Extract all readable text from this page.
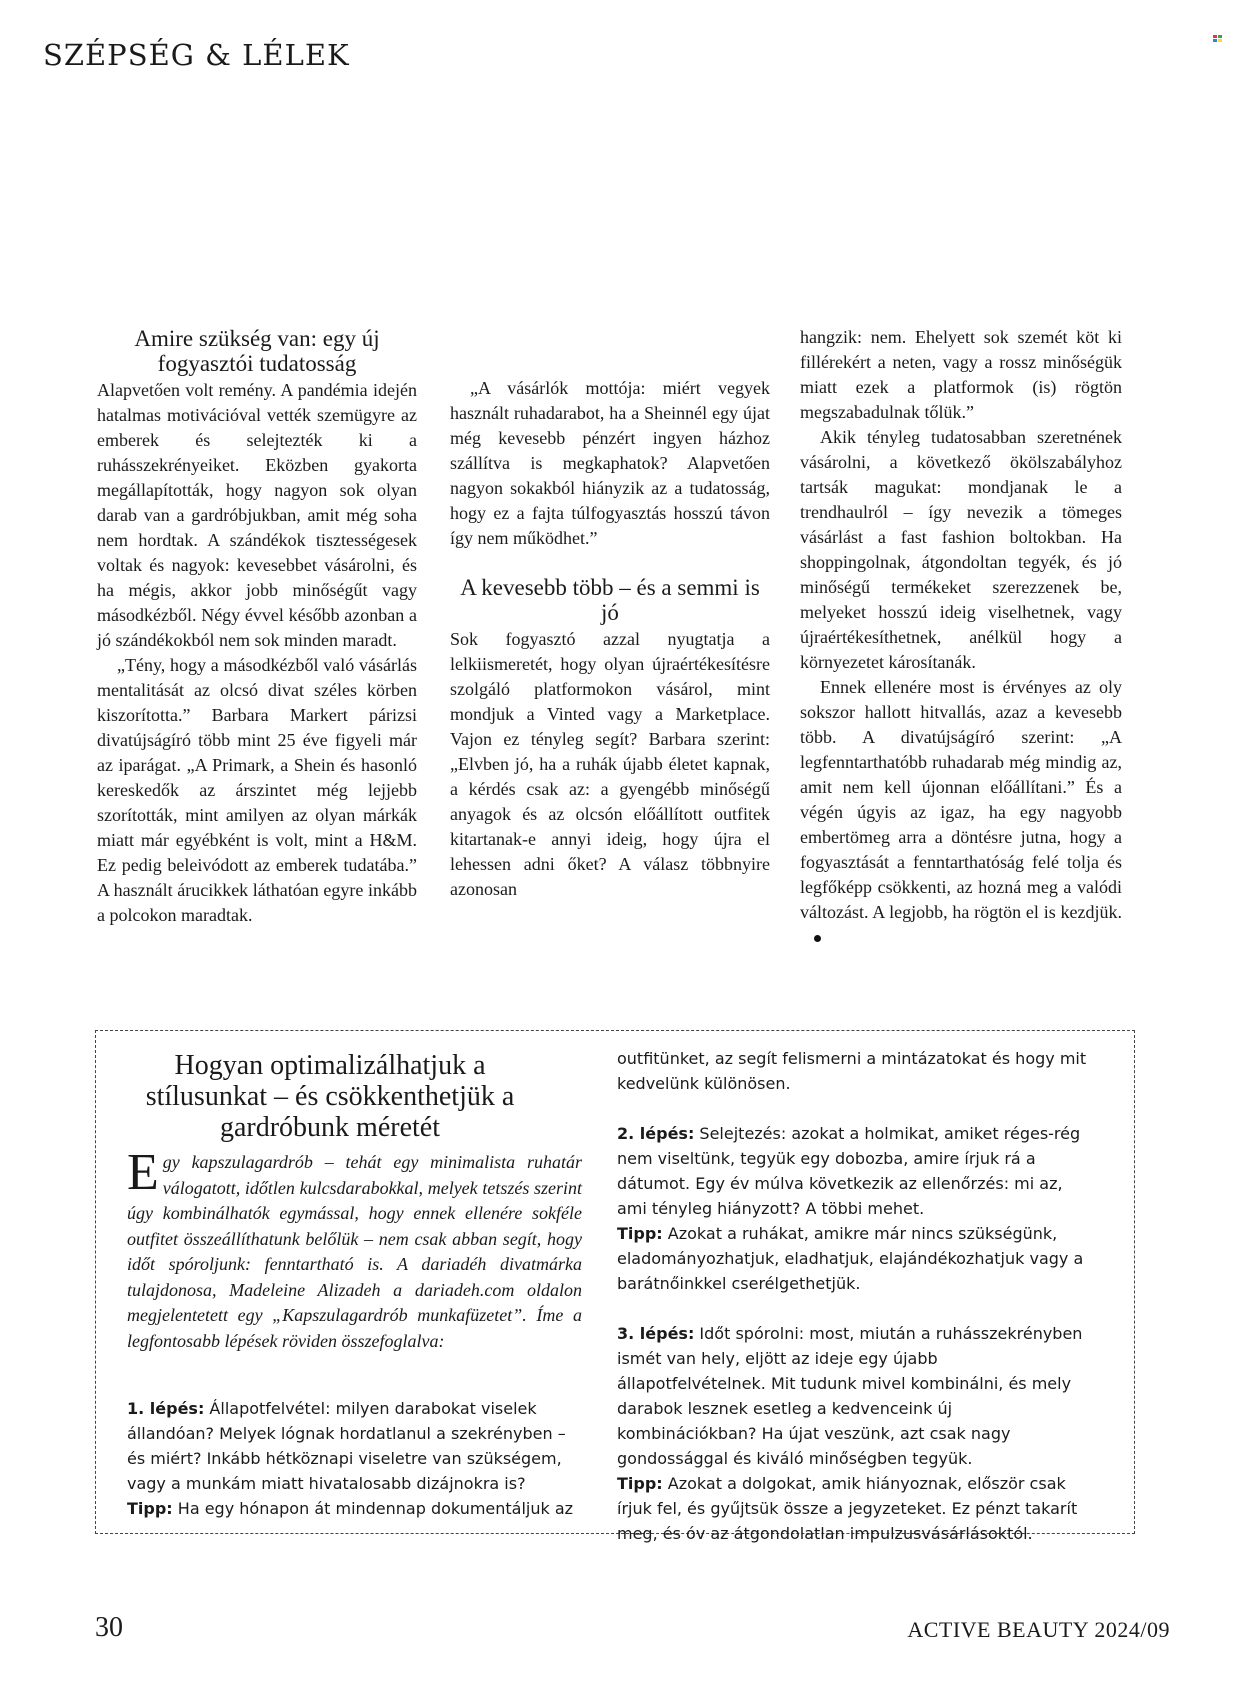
SZÉPSÉG & LÉLEK
Amire szükség van: egy új fogyasztói tudatosság

Alapvetően volt remény. A pandémia idején hatalmas motivációval vették szemügyre az emberek és selejtezték ki a ruhásszekrényeiket. Eközben gyakorta megállapították, hogy nagyon sok olyan darab van a gardróbjukban, amit még soha nem hordtak. A szándékok tisztességesek voltak és nagyok: kevesebbet vásárolni, és ha mégis, akkor jobb minőségűt vagy másodkézből. Négy évvel később azonban a jó szándékokból nem sok minden maradt.

„Tény, hogy a másodkézből való vásárlás mentalitását az olcsó divat széles körben kiszorította.” Barbara Markert párizsi divatújságíró több mint 25 éve figyeli már az iparágat. „A Primark, a Shein és hasonló kereskedők az árszintet még lejjebb szorították, mint amilyen az olyan márkák miatt már egyébként is volt, mint a H&M. Ez pedig beleivódott az emberek tudatába.” A használt árucikkek láthatóan egyre inkább a polcokon maradtak.

„A vásárlók mottója: miért vegyek használt ruhadarabot, ha a Sheinnél egy újat még kevesebb pénzért ingyen házhoz szállítva is megkaphatok? Alapvetően nagyon sokakból hiányzik az a tudatosság, hogy ez a fajta túlfogyasztás hosszú távon így nem működhet.”

A kevesebb több – és a semmi is jó

Sok fogyasztó azzal nyugtatja a lelkiismeretét, hogy olyan újraértékesítésre szolgáló platformokon vásárol, mint mondjuk a Vinted vagy a Marketplace. Vajon ez tényleg segít? Barbara szerint: „Elvben jó, ha a ruhák újabb életet kapnak, a kérdés csak az: a gyengébb minőségű anyagok és az olcsón előállított outfitek kitartanak-e annyi ideig, hogy újra el lehessen adni őket? A válasz többnyire azonosan

hangzik: nem. Ehelyett sok szemét köt ki fillérekért a neten, vagy a rossz minőségük miatt ezek a platformok (is) rögtön megszabadulnak tőlük.”

Akik tényleg tudatosabban szeretnének vásárolni, a következő ökölszabályhoz tartsák magukat: mondjanak le a trendhaulról – így nevezik a tömeges vásárlást a fast fashion boltokban. Ha shoppingolnak, átgondoltan tegyék, és jó minőségű termékeket szerezzenek be, melyeket hosszú ideig viselhetnek, vagy újraértékesíthetnek, anélkül hogy a környezetet károsítanák.

Ennek ellenére most is érvényes az oly sokszor hallott hitvallás, azaz a kevesebb több. A divatújságíró szerint: „A legfenntarthatóbb ruhadarab még mindig az, amit nem kell újonnan előállítani.” És a végén úgyis az igaz, ha egy nagyobb embertömeg arra a döntésre jutna, hogy a fogyasztását a fenntarthatóság felé tolja és legfőképp csökkenti, az hozná meg a valódi változást. A legjobb, ha rögtön el is kezdjük.

Hogyan optimalizálhatjuk a stílusunkat – és csökkenthetjük a gardróbunk méretét

Egy kapszulagardrób – tehát egy minimalista ruhatár válogatott, időtlen kulcsdarabokkal, melyek tetszés szerint úgy kombinálhatók egymással, hogy ennek ellenére sokféle outfitet összeállíthatunk belőlük – nem csak abban segít, hogy időt spóroljunk: fenntartható is. A dariadéh divatmárka tulajdonosa, Madeleine Alizadeh a dariadeh.com oldalon megjelentetett egy „Kapszulagardrób munkafüzetet”. Íme a legfontosabb lépések röviden összefoglalva:

1. lépés: Állapotfelvétel: milyen darabokat viselek állandóan? Melyek lógnak hordatlanul a szekrényben – és miért? Inkább hétköznapi viseletre van szükségem, vagy a munkám miatt hivatalosabb dizájnokra is?

Tipp: Ha egy hónapon át mindennap dokumentáljuk az

outfitünket, az segít felismerni a mintázatokat és hogy mit kedvelünk különösen.

2. lépés: Selejtezés: azokat a holmikat, amiket réges-rég nem viseltünk, tegyük egy dobozba, amire írjuk rá a dátumot. Egy év múlva következik az ellenőrzés: mi az, ami tényleg hiányzott? A többi mehet.

Tipp: Azokat a ruhákat, amikre már nincs szükségünk, eladományozhatjuk, eladhatjuk, elajándékozhatjuk vagy a barátnőinkkel cserélgethetjük.

3. lépés: Időt spórolni: most, miután a ruhásszekrényben ismét van hely, eljött az ideje egy újabb állapotfelvételnek. Mit tudunk mivel kombinálni, és mely darabok lesznek esetleg a kedvenceink új kombinációkban? Ha újat veszünk, azt csak nagy gondossággal és kiváló minőségben tegyük.

Tipp: Azokat a dolgokat, amik hiányoznak, először csak írjuk fel, és gyűjtsük össze a jegyzeteket. Ez pénzt takarít meg, és óv az átgondolatlan impulzusvásárlásoktól.

30	ACTIVE BEAUTY 2024/09
